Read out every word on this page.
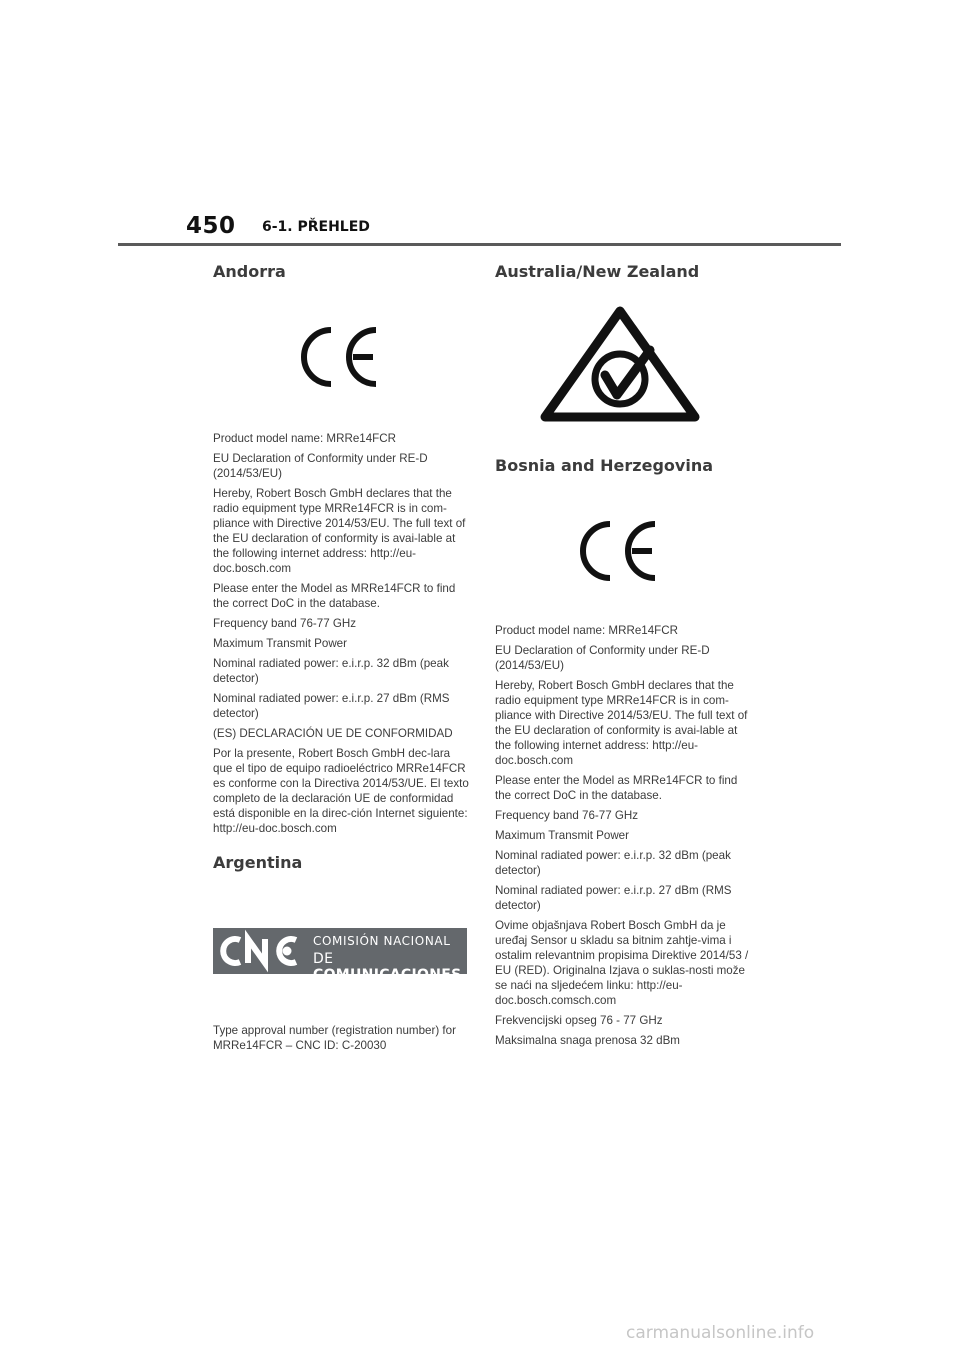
450 6-1. PŘEHLED
Andorra

Product model name: MRRe14FCR

EU Declaration of Conformity under RE-D (2014/53/EU)

Hereby, Robert Bosch GmbH declares that the radio equipment type MRRe14FCR is in com-pliance with Directive 2014/53/EU. The full text of the EU declaration of conformity is avai-lable at the following internet address: http://eu-doc.bosch.com

Please enter the Model as MRRe14FCR to find the correct DoC in the database.

Frequency band 76-77 GHz

Maximum Transmit Power

Nominal radiated power: e.i.r.p. 32 dBm (peak detector)

Nominal radiated power: e.i.r.p. 27 dBm (RMS detector)

(ES) DECLARACIÓN UE DE CONFORMIDAD

Por la presente, Robert Bosch GmbH dec-lara que el tipo de equipo radioeléctrico MRRe14FCR es conforme con la Directiva 2014/53/UE. El texto completo de la declaración UE de conformidad está disponible en la direc-ción Internet siguiente: http://eu-doc.bosch.com

Argentina
COMISIÓN NACIONAL
DE COMUNICACIONES

Type approval number (registration number) for MRRe14FCR – CNC ID: C-20030

Australia/New Zealand
Bosnia and Herzegovina

Product model name: MRRe14FCR

EU Declaration of Conformity under RE-D (2014/53/EU)

Hereby, Robert Bosch GmbH declares that the radio equipment type MRRe14FCR is in com-pliance with Directive 2014/53/EU. The full text of the EU declaration of conformity is avai-lable at the following internet address: http://eu-doc.bosch.com

Please enter the Model as MRRe14FCR to find the correct DoC in the database.

Frequency band 76-77 GHz

Maximum Transmit Power

Nominal radiated power: e.i.r.p. 32 dBm (peak detector)

Nominal radiated power: e.i.r.p. 27 dBm (RMS detector)

Ovime objašnjava Robert Bosch GmbH da je uređaj Sensor u skladu sa bitnim zahtje-vima i ostalim relevantnim propisima Direktive 2014/53 / EU (RED). Originalna Izjava o suklas-nosti može se naći na sljedećem linku: http://eu-doc.bosch.comsch.com

Frekvencijski opseg 76 - 77 GHz

Maksimalna snaga prenosa 32 dBm

carmanualsonline.info
